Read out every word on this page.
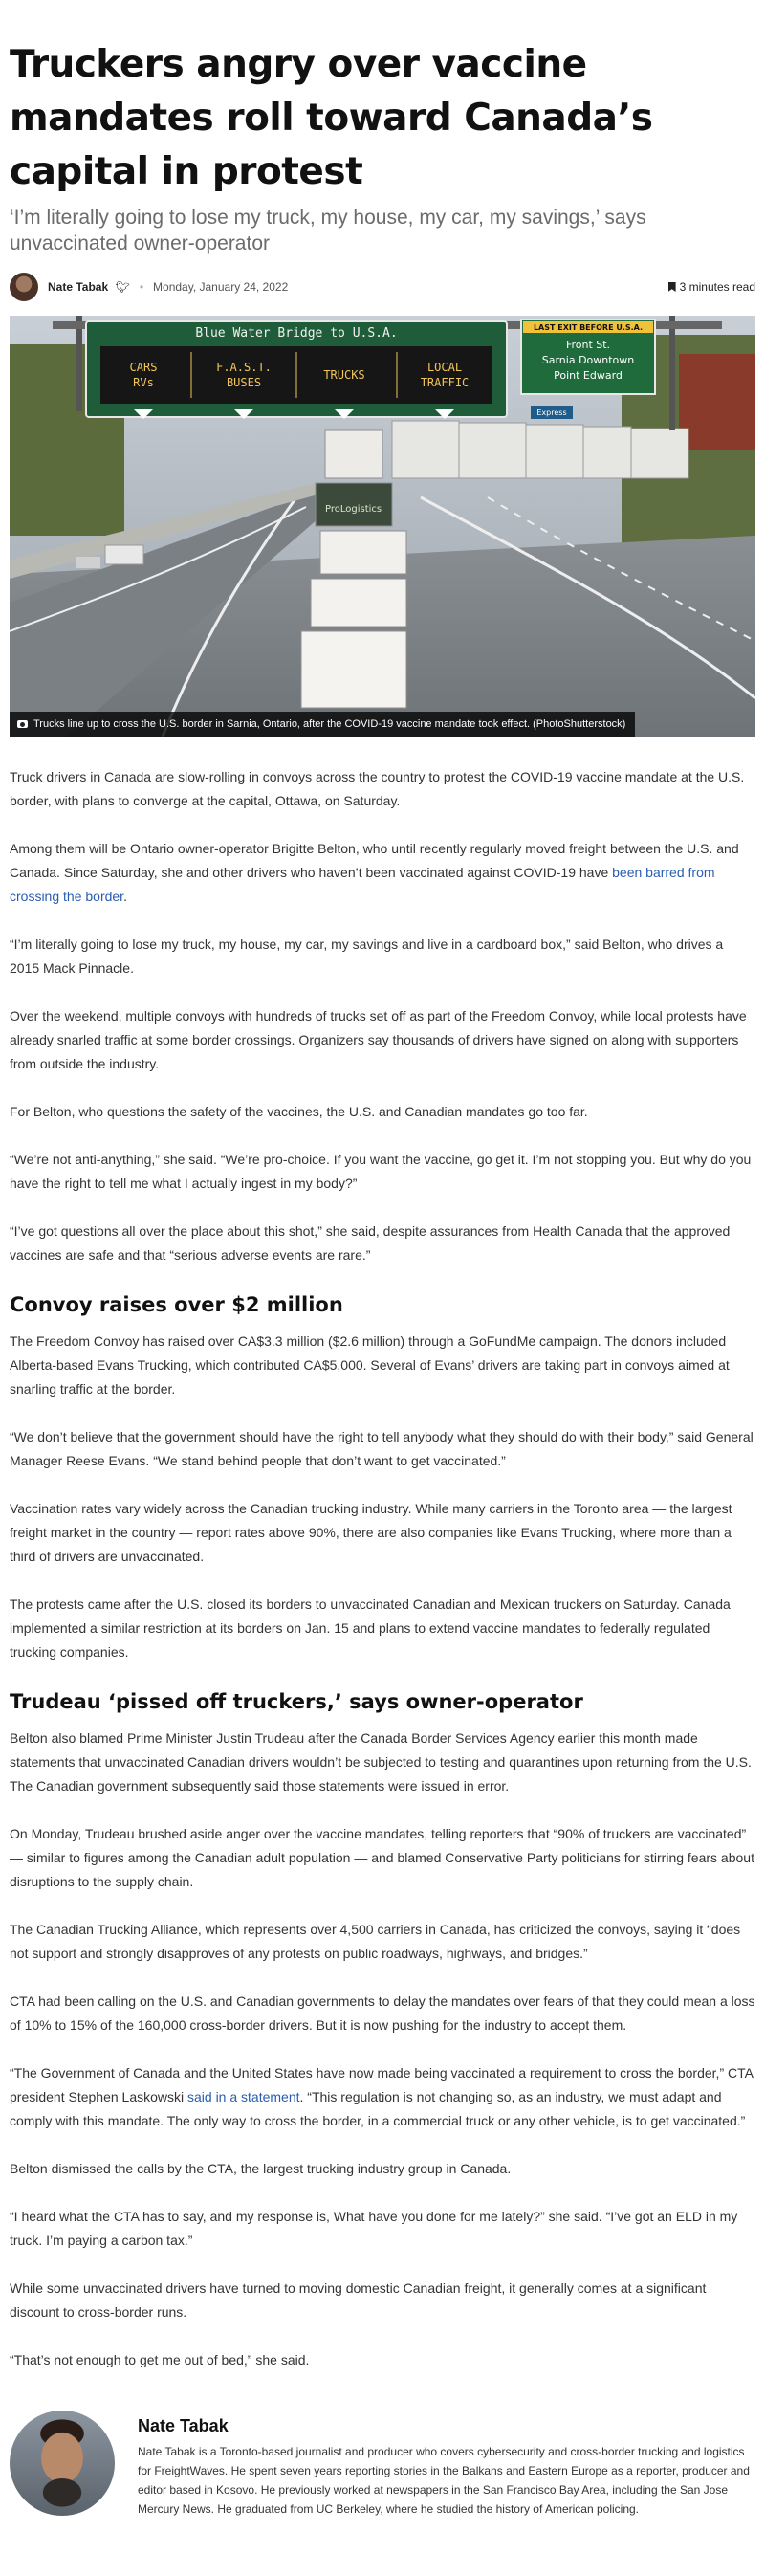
Truckers angry over vaccine mandates roll toward Canada’s capital in protest
‘I’m literally going to lose my truck, my house, my car, my savings,’ says unvaccinated owner-operator
Nate Tabak 🐦︎ • Monday, January 24, 2022	3 minutes read
ProLogistics
Blue Water Bridge to U.S.A.
CARS
RVs
F.A.S.T.
BUSES
TRUCKS
LOCAL
TRAFFIC
LAST EXIT BEFORE U.S.A.
Front St.
Sarnia Downtown
Point Edward
Express
Trucks line up to cross the U.S. border in Sarnia, Ontario, after the COVID-19 vaccine mandate took effect. (PhotoShutterstock)

Truck drivers in Canada are slow-rolling in convoys across the country to protest the COVID-19 vaccine mandate at the U.S. border, with plans to converge at the capital, Ottawa, on Saturday.

Among them will be Ontario owner-operator Brigitte Belton, who until recently regularly moved freight between the U.S. and Canada. Since Saturday, she and other drivers who haven’t been vaccinated against COVID-19 have been barred from crossing the border.

“I’m literally going to lose my truck, my house, my car, my savings and live in a cardboard box,” said Belton, who drives a 2015 Mack Pinnacle.

Over the weekend, multiple convoys with hundreds of trucks set off as part of the Freedom Convoy, while local protests have already snarled traffic at some border crossings. Organizers say thousands of drivers have signed on along with supporters from outside the industry.

For Belton, who questions the safety of the vaccines, the U.S. and Canadian mandates go too far.

“We’re not anti-anything,” she said. “We’re pro-choice. If you want the vaccine, go get it. I’m not stopping you. But why do you have the right to tell me what I actually ingest in my body?”

“I’ve got questions all over the place about this shot,” she said, despite assurances from Health Canada that the approved vaccines are safe and that “serious adverse events are rare.”

Convoy raises over $2 million

The Freedom Convoy has raised over CA$3.3 million ($2.6 million) through a GoFundMe campaign. The donors included Alberta-based Evans Trucking, which contributed CA$5,000. Several of Evans’ drivers are taking part in convoys aimed at snarling traffic at the border.

“We don’t believe that the government should have the right to tell anybody what they should do with their body,” said General Manager Reese Evans. “We stand behind people that don’t want to get vaccinated.”

Vaccination rates vary widely across the Canadian trucking industry. While many carriers in the Toronto area — the largest freight market in the country — report rates above 90%, there are also companies like Evans Trucking, where more than a third of drivers are unvaccinated.

The protests came after the U.S. closed its borders to unvaccinated Canadian and Mexican truckers on Saturday. Canada implemented a similar restriction at its borders on Jan. 15 and plans to extend vaccine mandates to federally regulated trucking companies.

Trudeau ‘pissed off truckers,’ says owner-operator

Belton also blamed Prime Minister Justin Trudeau after the Canada Border Services Agency earlier this month made statements that unvaccinated Canadian drivers wouldn’t be subjected to testing and quarantines upon returning from the U.S. The Canadian government subsequently said those statements were issued in error.

On Monday, Trudeau brushed aside anger over the vaccine mandates, telling reporters that “90% of truckers are vaccinated” — similar to figures among the Canadian adult population — and blamed Conservative Party politicians for stirring fears about disruptions to the supply chain.

The Canadian Trucking Alliance, which represents over 4,500 carriers in Canada, has criticized the convoys, saying it “does not support and strongly disapproves of any protests on public roadways, highways, and bridges.”

CTA had been calling on the U.S. and Canadian governments to delay the mandates over fears of that they could mean a loss of 10% to 15% of the 160,000 cross-border drivers. But it is now pushing for the industry to accept them.

“The Government of Canada and the United States have now made being vaccinated a requirement to cross the border,” CTA president Stephen Laskowski said in a statement. “This regulation is not changing so, as an industry, we must adapt and comply with this mandate. The only way to cross the border, in a commercial truck or any other vehicle, is to get vaccinated.”

Belton dismissed the calls by the CTA, the largest trucking industry group in Canada.

“I heard what the CTA has to say, and my response is, What have you done for me lately?” she said. “I’ve got an ELD in my truck. I’m paying a carbon tax.”

While some unvaccinated drivers have turned to moving domestic Canadian freight, it generally comes at a significant discount to cross-border runs.

“That’s not enough to get me out of bed,” she said.

Nate Tabak

Nate Tabak is a Toronto-based journalist and producer who covers cybersecurity and cross-border trucking and logistics for FreightWaves. He spent seven years reporting stories in the Balkans and Eastern Europe as a reporter, producer and editor based in Kosovo. He previously worked at newspapers in the San Francisco Bay Area, including the San Jose Mercury News. He graduated from UC Berkeley, where he studied the history of American policing.
